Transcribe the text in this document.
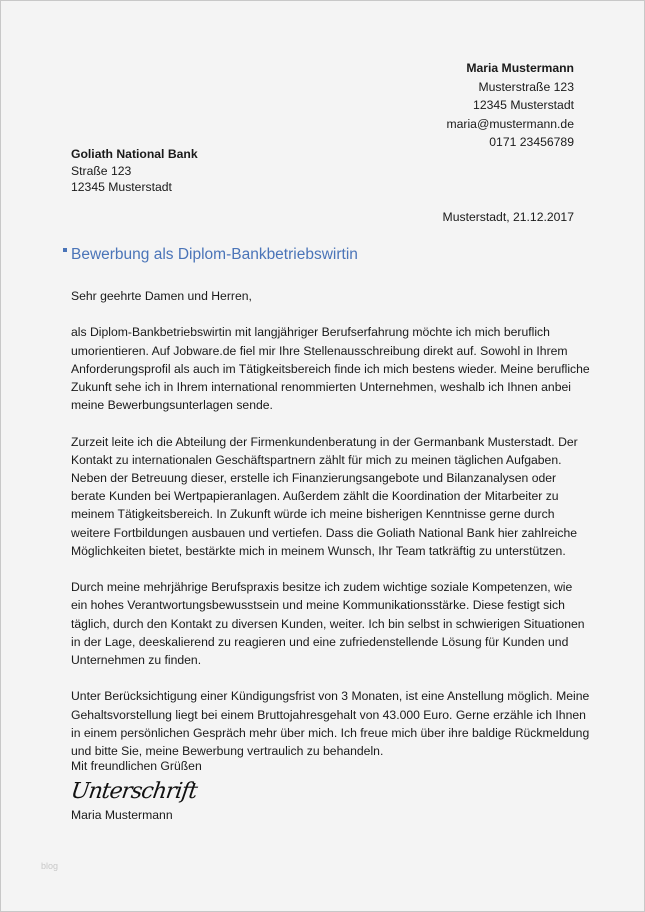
Maria Mustermann
Musterstraße 123
12345 Musterstadt
maria@mustermann.de
0171 23456789
Goliath National Bank
Straße 123
12345 Musterstadt
Musterstadt, 21.12.2017
Bewerbung als Diplom-Bankbetriebswirtin

Sehr geehrte Damen und Herren,

als Diplom-Bankbetriebswirtin mit langjähriger Berufserfahrung möchte ich mich beruflich umorientieren. Auf Jobware.de fiel mir Ihre Stellenausschreibung direkt auf. Sowohl in Ihrem Anforderungsprofil als auch im Tätigkeitsbereich finde ich mich bestens wieder. Meine berufliche Zukunft sehe ich in Ihrem international renommierten Unternehmen, weshalb ich Ihnen anbei meine Bewerbungsunterlagen sende.

Zurzeit leite ich die Abteilung der Firmenkundenberatung in der Germanbank Musterstadt. Der Kontakt zu internationalen Geschäftspartnern zählt für mich zu meinen täglichen Aufgaben. Neben der Betreuung dieser, erstelle ich Finanzierungsangebote und Bilanzanalysen oder berate Kunden bei Wertpapieranlagen. Außerdem zählt die Koordination der Mitarbeiter zu meinem Tätigkeitsbereich. In Zukunft würde ich meine bisherigen Kenntnisse gerne durch weitere Fortbildungen ausbauen und vertiefen. Dass die Goliath National Bank hier zahlreiche Möglichkeiten bietet, bestärkte mich in meinem Wunsch, Ihr Team tatkräftig zu unterstützen.

Durch meine mehrjährige Berufspraxis besitze ich zudem wichtige soziale Kompetenzen, wie ein hohes Verantwortungsbewusstsein und meine Kommunikationsstärke. Diese festigt sich täglich, durch den Kontakt zu diversen Kunden, weiter. Ich bin selbst in schwierigen Situationen in der Lage, deeskalierend zu reagieren und eine zufriedenstellende Lösung für Kunden und Unternehmen zu finden.

Unter Berücksichtigung einer Kündigungsfrist von 3 Monaten, ist eine Anstellung möglich. Meine Gehaltsvorstellung liegt bei einem Bruttojahresgehalt von 43.000 Euro. Gerne erzähle ich Ihnen in einem persönlichen Gespräch mehr über mich. Ich freue mich über ihre baldige Rückmeldung und bitte Sie, meine Bewerbung vertraulich zu behandeln.

Mit freundlichen Grüßen
Unterschrift
Maria Mustermann
blog
